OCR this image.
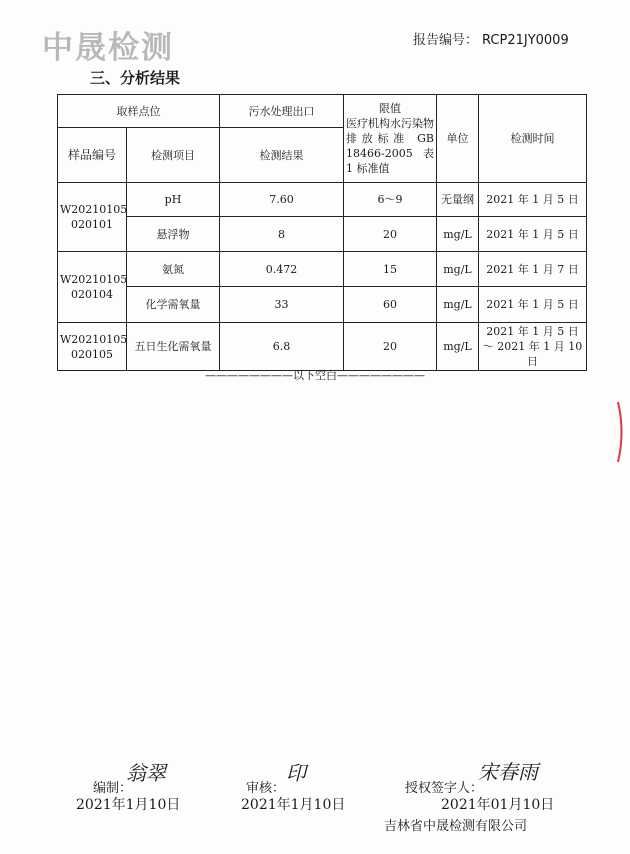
中晟检测	报告编号： RCP21JY0009
三、分析结果
取样点位		污水处理出口	限值
医疗机构水污染物排放标准 GB 18466-2005 表 1 标准值	单位	检测时间
样品编号	检测项目	检测结果			
W20210105 020101	pH	7.60	6～9	无量纲	2021 年 1 月 5 日
	悬浮物	8	20	mg/L	2021 年 1 月 5 日
W20210105 020104	氨氮	0.472	15	mg/L	2021 年 1 月 7 日
	化学需氧量	33	60	mg/L	2021 年 1 月 5 日
W20210105 020105	五日生化需氧量	6.8	20	mg/L	2021 年 1 月 5 日～ 2021 年 1 月 10 日
————————以下空白————————
编制：
翁翠
2021年1月10日
审核：
印
2021年1月10日
授权签字人：
宋春雨
2021年01月10日
吉林省中晟检测有限公司
